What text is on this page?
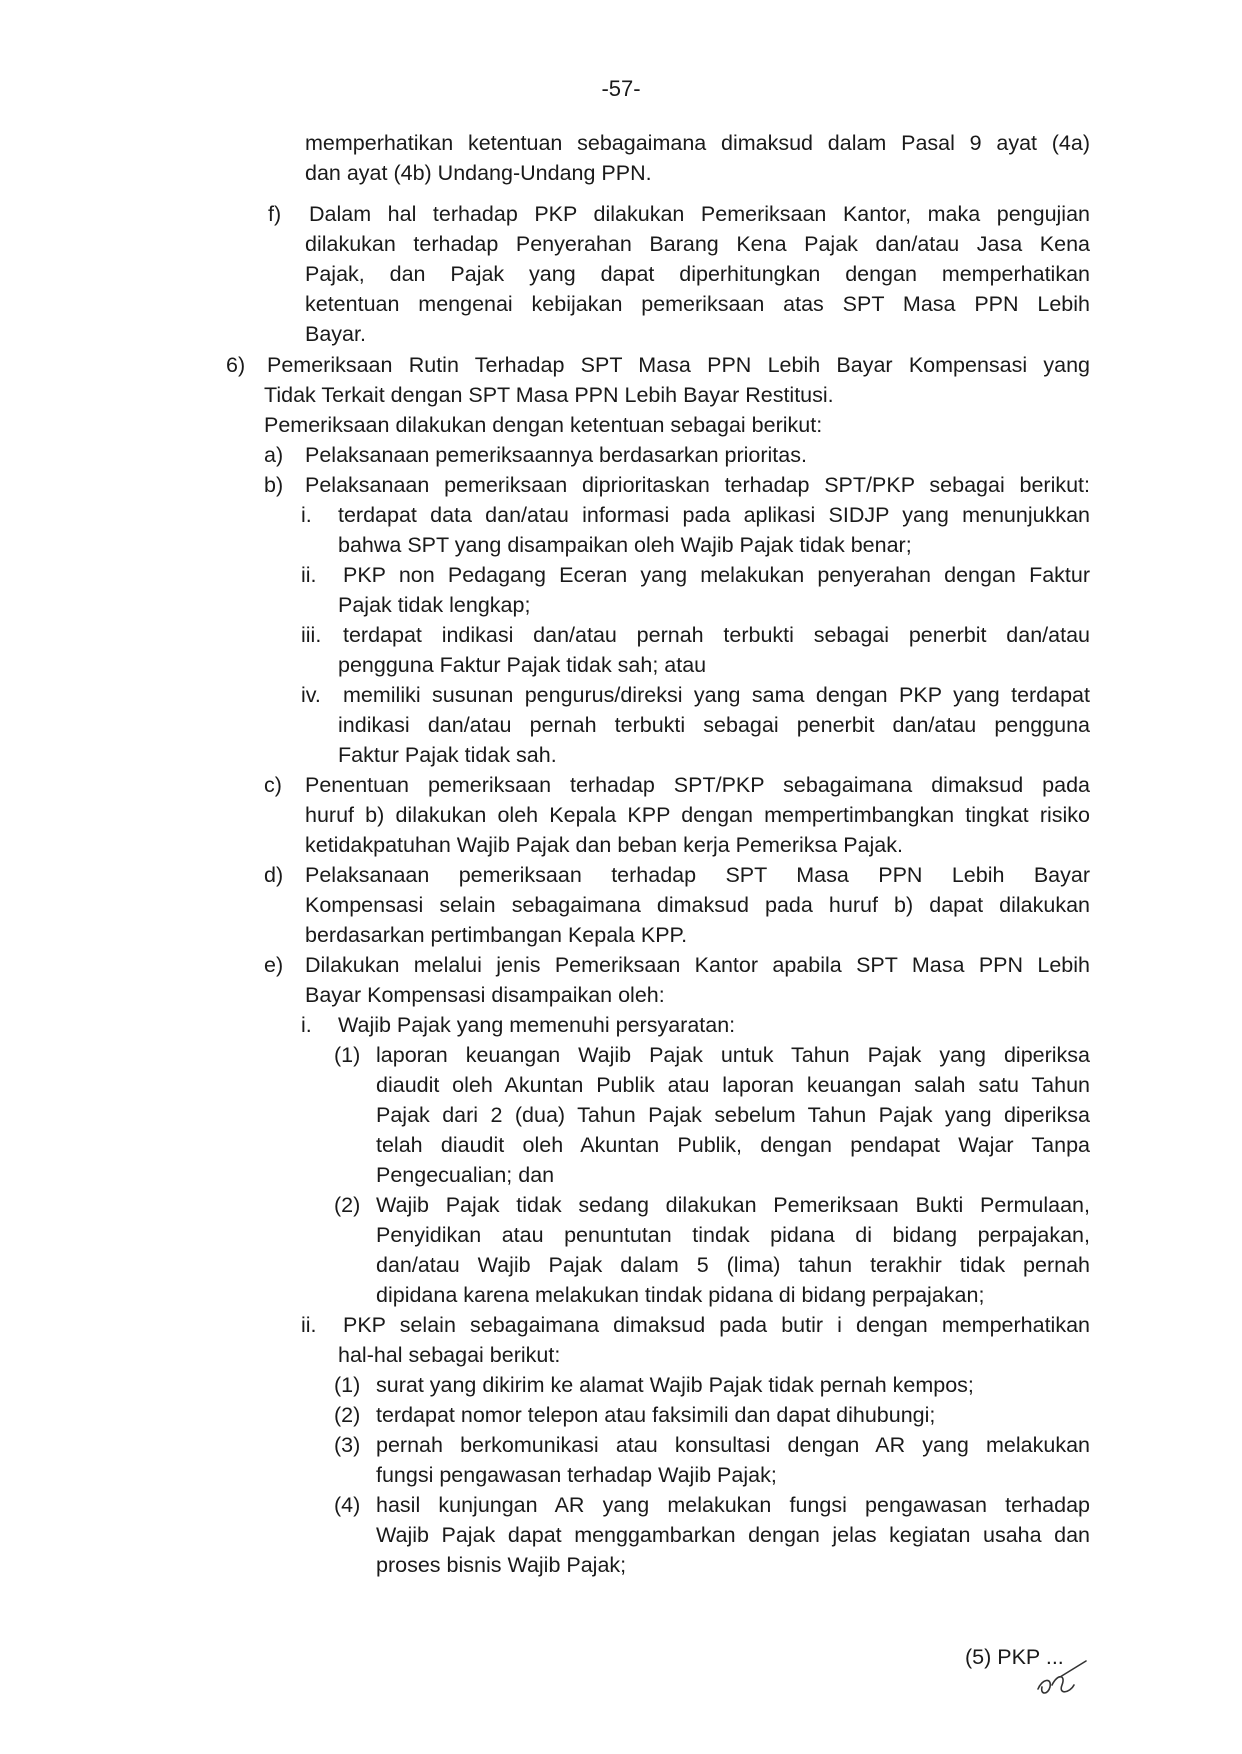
-57-
memperhatikan ketentuan sebagaimana dimaksud dalam Pasal 9 ayat (4a)
dan ayat (4b) Undang-Undang PPN.
f)	Dalam hal terhadap PKP dilakukan Pemeriksaan Kantor, maka pengujian
dilakukan terhadap Penyerahan Barang Kena Pajak dan/atau Jasa Kena
Pajak, dan Pajak yang dapat diperhitungkan dengan memperhatikan
ketentuan mengenai kebijakan pemeriksaan atas SPT Masa PPN Lebih
Bayar.
6)	Pemeriksaan Rutin Terhadap SPT Masa PPN Lebih Bayar Kompensasi yang
Tidak Terkait dengan SPT Masa PPN Lebih Bayar Restitusi.
Pemeriksaan dilakukan dengan ketentuan sebagai berikut:
a)	Pelaksanaan pemeriksaannya berdasarkan prioritas.
b)	Pelaksanaan pemeriksaan diprioritaskan terhadap SPT/PKP sebagai berikut:
i.	terdapat data dan/atau informasi pada aplikasi SIDJP yang menunjukkan
bahwa SPT yang disampaikan oleh Wajib Pajak tidak benar;
ii.	PKP non Pedagang Eceran yang melakukan penyerahan dengan Faktur
Pajak tidak lengkap;
iii.	terdapat indikasi dan/atau pernah terbukti sebagai penerbit dan/atau
pengguna Faktur Pajak tidak sah; atau
iv.	memiliki susunan pengurus/direksi yang sama dengan PKP yang terdapat
indikasi dan/atau pernah terbukti sebagai penerbit dan/atau pengguna
Faktur Pajak tidak sah.
c)	Penentuan pemeriksaan terhadap SPT/PKP sebagaimana dimaksud pada
huruf b) dilakukan oleh Kepala KPP dengan mempertimbangkan tingkat risiko
ketidakpatuhan Wajib Pajak dan beban kerja Pemeriksa Pajak.
d)	Pelaksanaan pemeriksaan terhadap SPT Masa PPN Lebih Bayar
Kompensasi selain sebagaimana dimaksud pada huruf b) dapat dilakukan
berdasarkan pertimbangan Kepala KPP.
e)	Dilakukan melalui jenis Pemeriksaan Kantor apabila SPT Masa PPN Lebih
Bayar Kompensasi disampaikan oleh:
i.	Wajib Pajak yang memenuhi persyaratan:
(1) laporan keuangan Wajib Pajak untuk Tahun Pajak yang diperiksa
diaudit oleh Akuntan Publik atau laporan keuangan salah satu Tahun
Pajak dari 2 (dua) Tahun Pajak sebelum Tahun Pajak yang diperiksa
telah diaudit oleh Akuntan Publik, dengan pendapat Wajar Tanpa
Pengecualian; dan
(2) Wajib Pajak tidak sedang dilakukan Pemeriksaan Bukti Permulaan,
Penyidikan atau penuntutan tindak pidana di bidang perpajakan,
dan/atau Wajib Pajak dalam 5 (lima) tahun terakhir tidak pernah
dipidana karena melakukan tindak pidana di bidang perpajakan;
ii.	PKP selain sebagaimana dimaksud pada butir i dengan memperhatikan
hal-hal sebagai berikut:
(1) surat yang dikirim ke alamat Wajib Pajak tidak pernah kempos;
(2) terdapat nomor telepon atau faksimili dan dapat dihubungi;
(3) pernah berkomunikasi atau konsultasi dengan AR yang melakukan
fungsi pengawasan terhadap Wajib Pajak;
(4) hasil kunjungan AR yang melakukan fungsi pengawasan terhadap
Wajib Pajak dapat menggambarkan dengan jelas kegiatan usaha dan
proses bisnis Wajib Pajak;
(5) PKP ...
